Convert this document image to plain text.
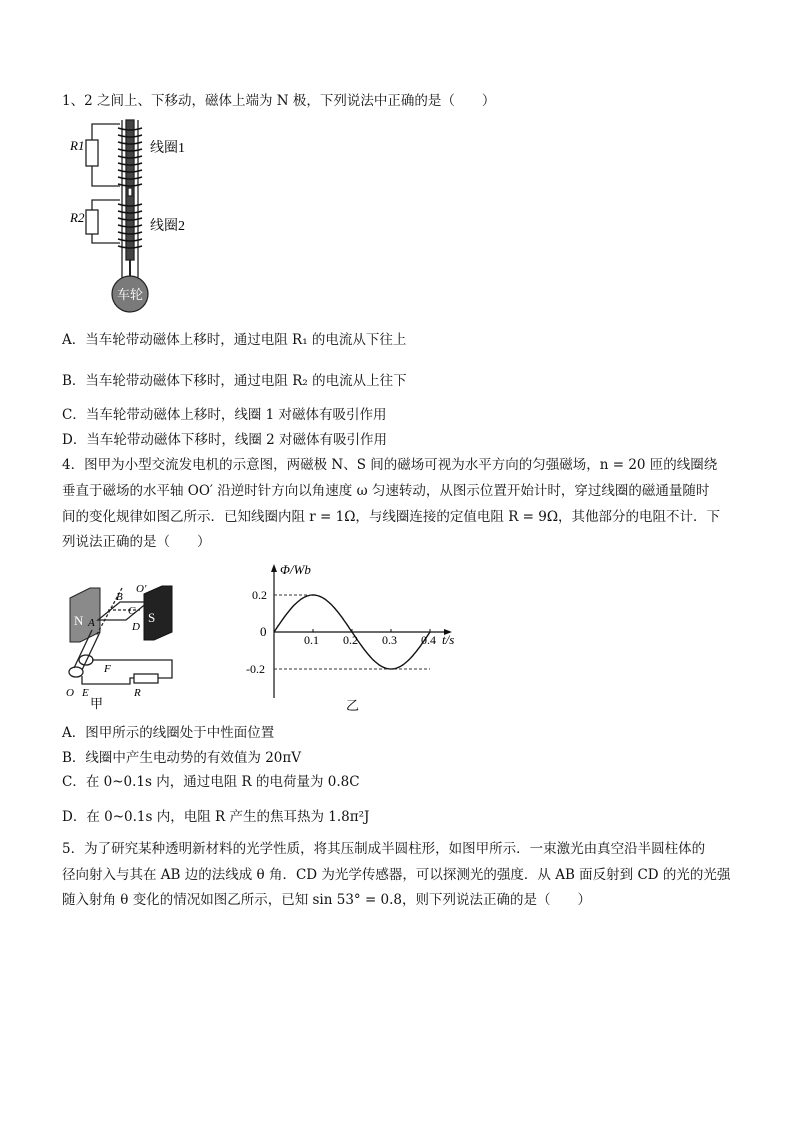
1、2 之间上、下移动，磁体上端为 N 极，下列说法中正确的是（　　）
R1
R2
线圈1
线圈2
车轮
A．当车轮带动磁体上移时，通过电阻 R₁ 的电流从下往上
B．当车轮带动磁体下移时，通过电阻 R₂ 的电流从上往下
C．当车轮带动磁体上移时，线圈 1 对磁体有吸引作用
D．当车轮带动磁体下移时，线圈 2 对磁体有吸引作用
4．图甲为小型交流发电机的示意图，两磁极 N、S 间的磁场可视为水平方向的匀强磁场，n = 20 匝的线圈绕
垂直于磁场的水平轴 OO′ 沿逆时针方向以角速度 ω 匀速转动，从图示位置开始计时，穿过线圈的磁通量随时
间的变化规律如图乙所示．已知线圈内阻 r = 1Ω，与线圈连接的定值电阻 R = 9Ω，其他部分的电阻不计．下
列说法正确的是（　　）
N	S
A
B
C
D
O′
F
R
O E
甲
Φ/Wb
t/s
0
乙
0.1 0.2 0.3 0.4
0.2
-0.2
A．图甲所示的线圈处于中性面位置
B．线圈中产生电动势的有效值为 20πV
C．在 0~0.1s 内，通过电阻 R 的电荷量为 0.8C
D．在 0~0.1s 内，电阻 R 产生的焦耳热为 1.8π²J
5．为了研究某种透明新材料的光学性质，将其压制成半圆柱形，如图甲所示．一束激光由真空沿半圆柱体的
径向射入与其在 AB 边的法线成 θ 角．CD 为光学传感器，可以探测光的强度．从 AB 面反射到 CD 的光的光强
随入射角 θ 变化的情况如图乙所示，已知 sin 53° = 0.8，则下列说法正确的是（　　）
